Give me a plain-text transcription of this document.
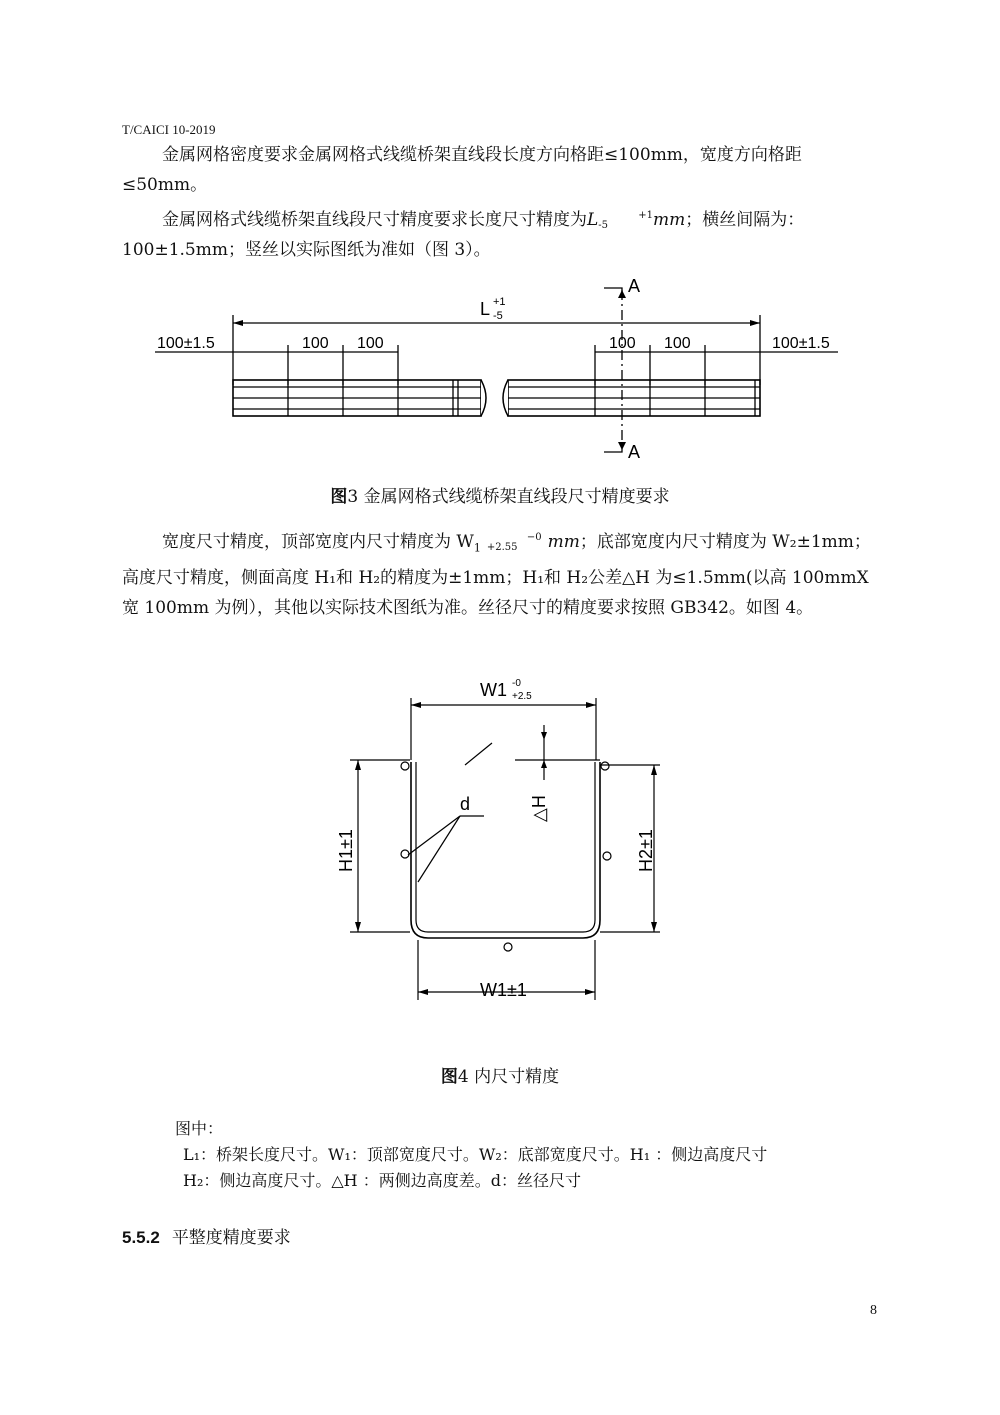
T/CAICI 10-2019
金属网格密度要求金属网格式线缆桥架直线段长度方向格距≤100mm，宽度方向格距≤50mm。
金属网格式线缆桥架直线段尺寸精度要求长度尺寸精度为L	+1
-5	mm；横丝间隔为：100±1.5mm；竖丝以实际图纸为准如（图 3）。
L +1
-5
100±1.5	100 100	100 100	100±1.5
A
A
图3 金属网格式线缆桥架直线段尺寸精度要求
宽度尺寸精度，顶部宽度内尺寸精度为 $W_1-0$
+2.55 mm；底部宽度内尺寸精度为 W₂±1mm；高度尺寸精度，侧面高度 H₁和 H₂的精度为±1mm；H₁和 H₂公差△H 为≤1.5mm(以高 100mmX 宽 100mm 为例），其他以实际技术图纸为准。丝径尺寸的精度要求按照 GB342。如图 4。
W1 -0
+2.5
W1±1
H1±1	H2±1
△H
d
图4 内尺寸精度
图中：
L₁：桥架长度尺寸。W₁：顶部宽度尺寸。W₂：底部宽度尺寸。H₁ ：侧边高度尺寸
H₂：侧边高度尺寸。△H ：两侧边高度差。d：丝径尺寸
5.5.2 平整度精度要求
8
